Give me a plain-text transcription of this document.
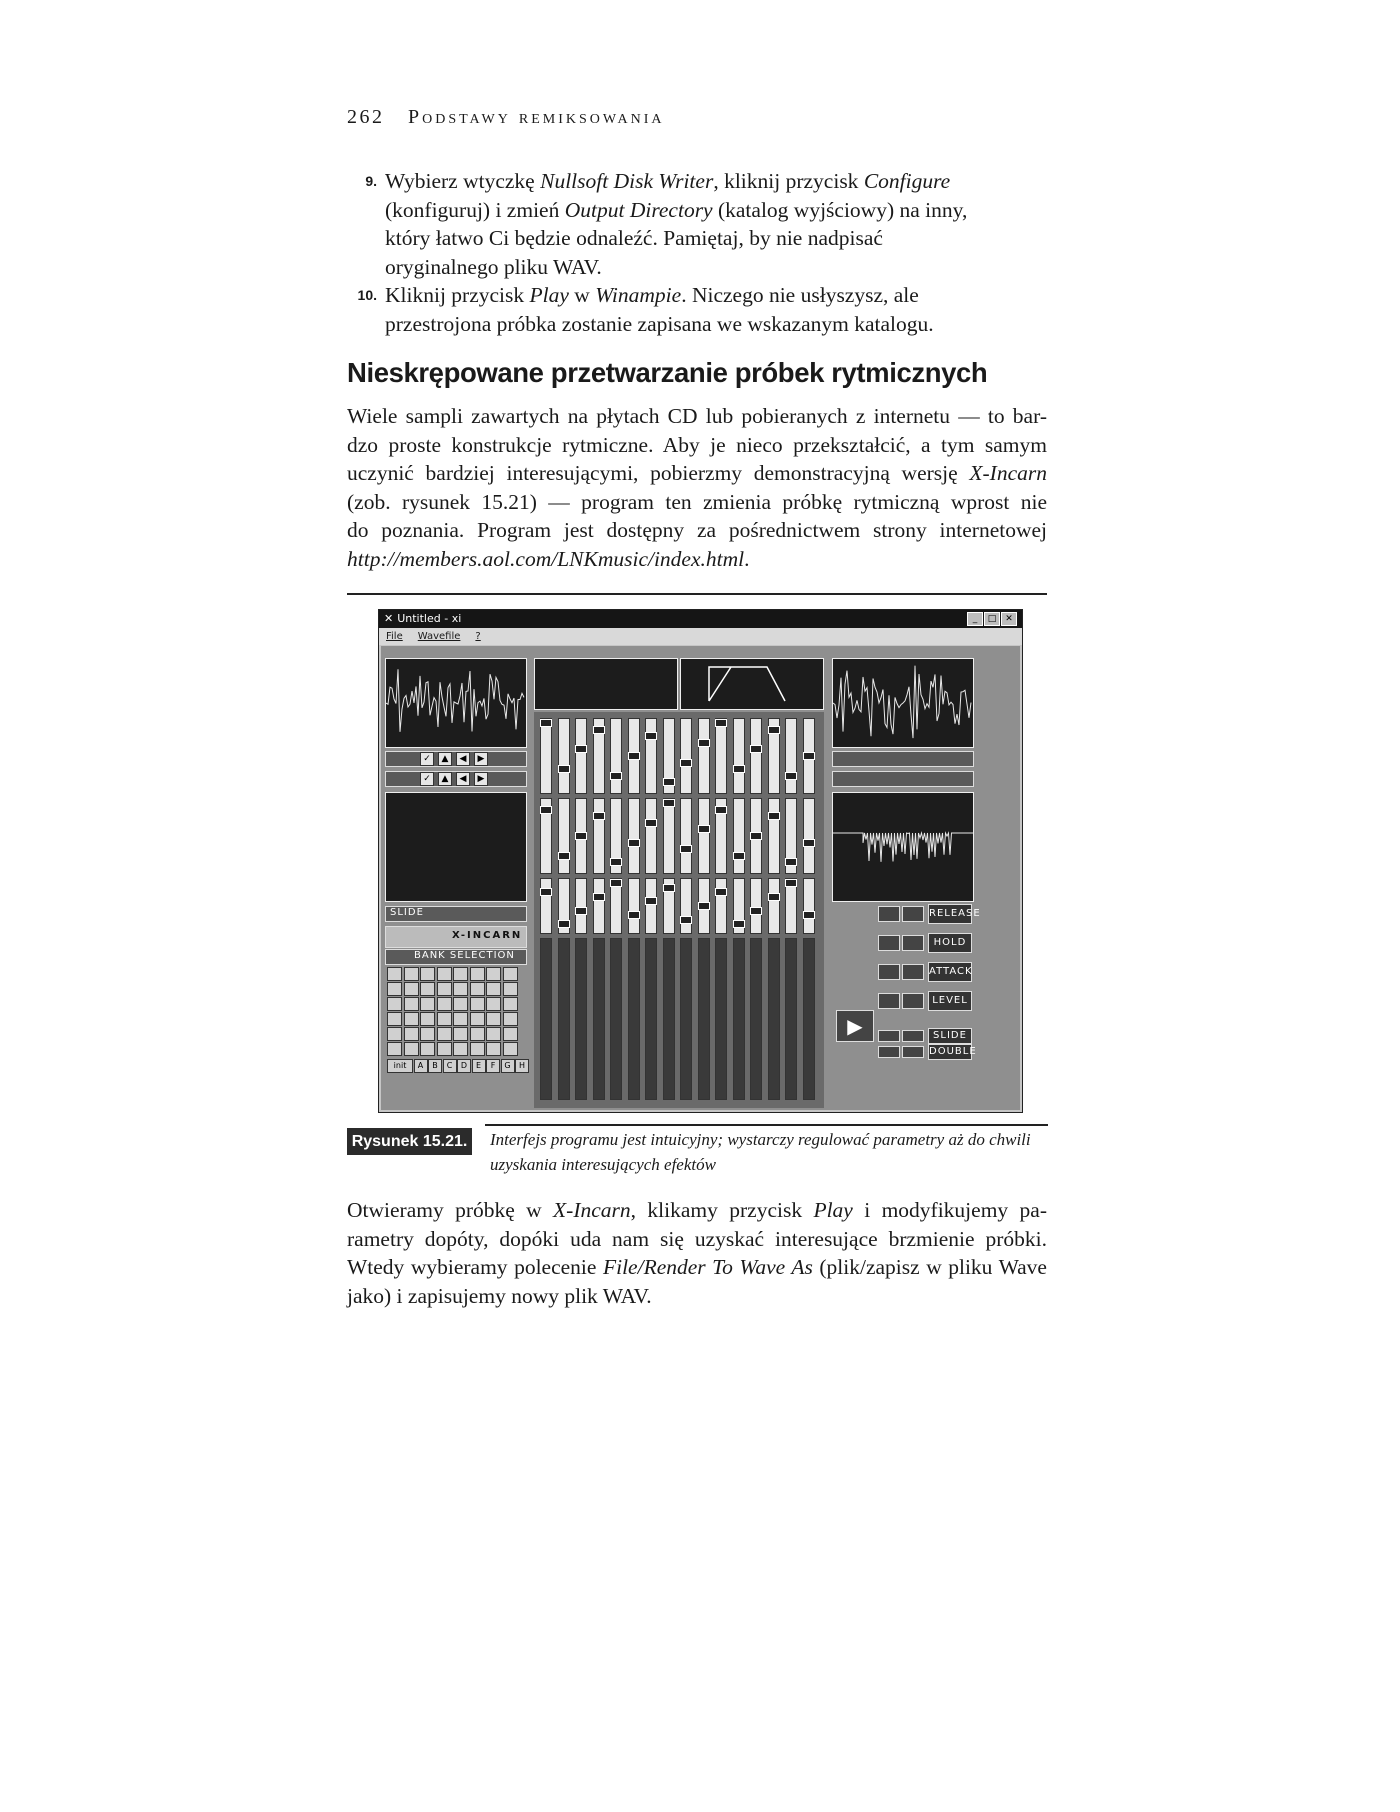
262 Podstawy remiksowania
9. Wybierz wtyczkę Nullsoft Disk Writer, kliknij przycisk Configure
(konfiguruj) i zmień Output Directory (katalog wyjściowy) na inny,
który łatwo Ci będzie odnaleźć. Pamiętaj, by nie nadpisać
oryginalnego pliku WAV.
10. Kliknij przycisk Play w Winampie. Niczego nie usłyszysz, ale
przestrojona próbka zostanie zapisana we wskazanym katalogu.
Nieskrępowane przetwarzanie próbek rytmicznych
Wiele sampli zawartych na płytach CD lub pobieranych z internetu — to bar-
dzo proste konstrukcje rytmiczne. Aby je nieco przekształcić, a tym samym
uczynić bardziej interesującymi, pobierzmy demonstracyjną wersję X-Incarn
(zob. rysunek 15.21) — program ten zmienia próbkę rytmiczną wprost nie
do poznania. Program jest dostępny za pośrednictwem strony internetowej
http://members.aol.com/LNKmusic/index.html.
✕ Untitled - xi	_	□ ✕
File Wavefile ?
✓	▲	◀	▶
✓	▲	◀	▶
SLIDE
X-INCARN
BANK SELECTION
init	A	B	C	D	E	F	G	H
RELEASE
HOLD
ATTACK
LEVEL
SLIDE
DOUBLE
▶
Rysunek 15.21. Interfejs programu jest intuicyjny; wystarczy regulować parametry aż do chwili uzyskania interesujących efektów
Otwieramy próbkę w X-Incarn, klikamy przycisk Play i modyfikujemy pa-
rametry dopóty, dopóki uda nam się uzyskać interesujące brzmienie próbki.
Wtedy wybieramy polecenie File/Render To Wave As (plik/zapisz w pliku Wave
jako) i zapisujemy nowy plik WAV.
